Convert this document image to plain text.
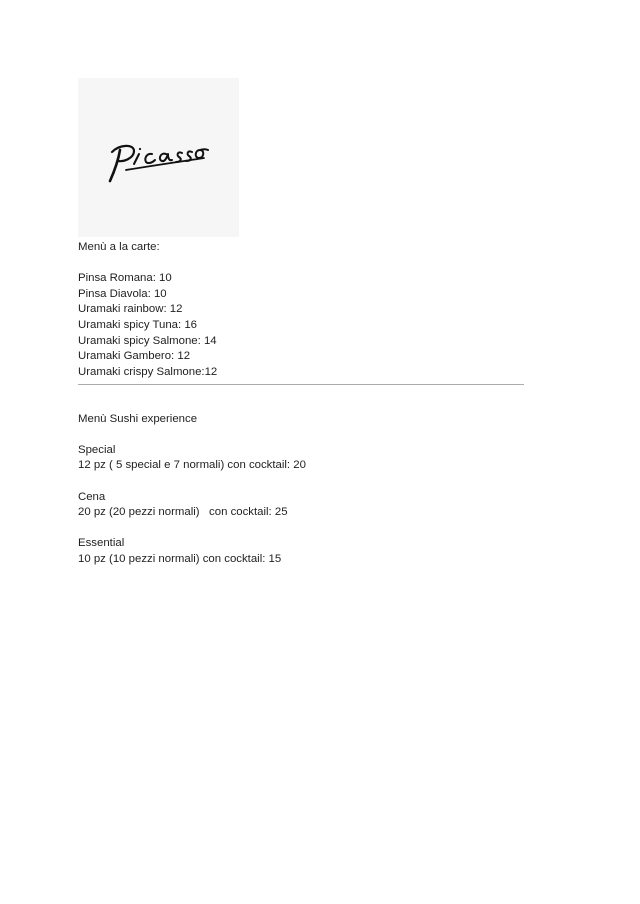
Menù a la carte:
Pinsa Romana: 10
Pinsa Diavola: 10
Uramaki rainbow: 12
Uramaki spicy Tuna: 16
Uramaki spicy Salmone: 14
Uramaki Gambero: 12
Uramaki crispy Salmone:12
—————————————————————————————————————————————————————————————————————————————————
Menù Sushi experience
Special
12 pz ( 5 special e 7 normali) con cocktail: 20
Cena
20 pz (20 pezzi normali)   con cocktail: 25
Essential
10 pz (10 pezzi normali) con cocktail: 15
